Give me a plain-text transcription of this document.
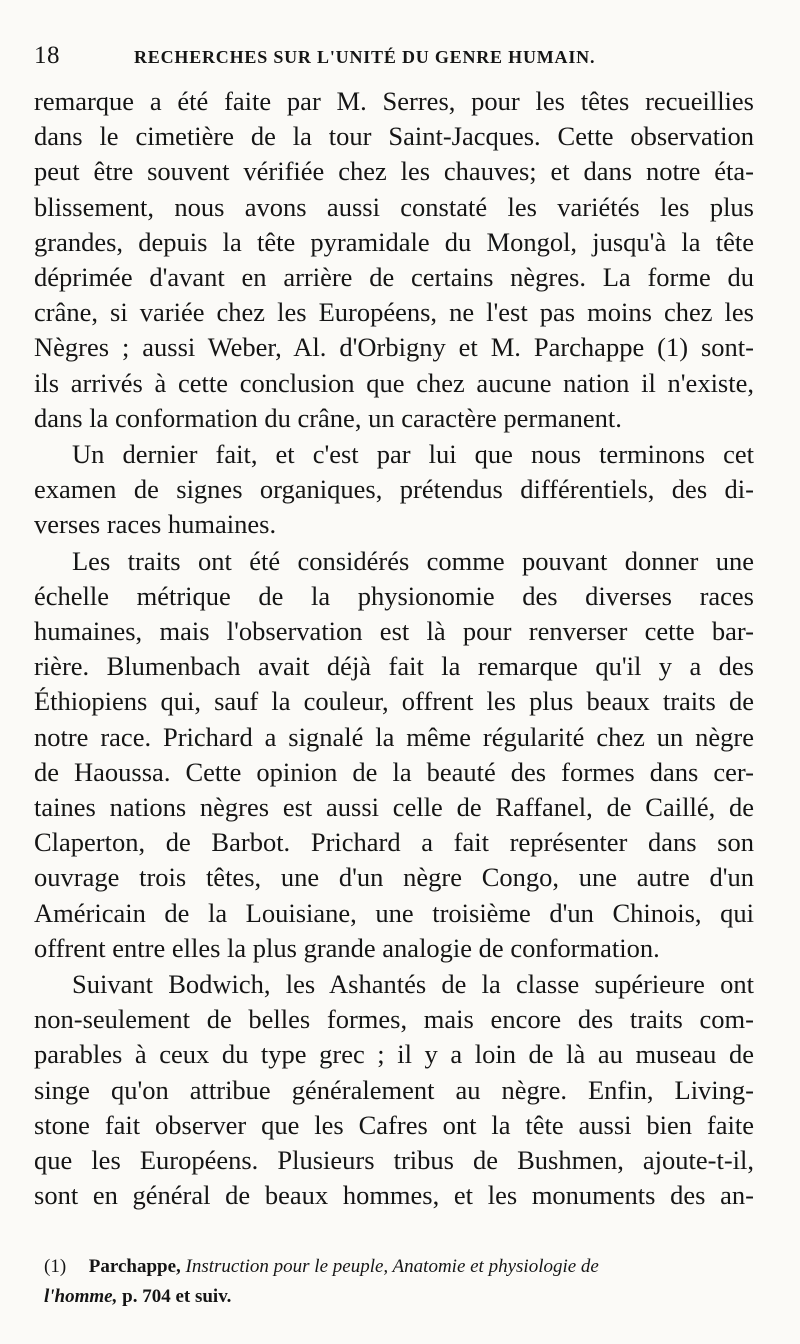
18	RECHERCHES SUR L'UNITÉ DU GENRE HUMAIN.

remarque a été faite par M. Serres, pour les têtes recueillies
dans le cimetière de la tour Saint-Jacques. Cette observation
peut être souvent vérifiée chez les chauves; et dans notre éta-
blissement, nous avons aussi constaté les variétés les plus
grandes, depuis la tête pyramidale du Mongol, jusqu'à la tête
déprimée d'avant en arrière de certains nègres. La forme du
crâne, si variée chez les Européens, ne l'est pas moins chez les
Nègres ; aussi Weber, Al. d'Orbigny et M. Parchappe (1) sont-
ils arrivés à cette conclusion que chez aucune nation il n'existe,
dans la conformation du crâne, un caractère permanent.

Un dernier fait, et c'est par lui que nous terminons cet
examen de signes organiques, prétendus différentiels, des di-
verses races humaines.

Les traits ont été considérés comme pouvant donner une
échelle métrique de la physionomie des diverses races
humaines, mais l'observation est là pour renverser cette bar-
rière. Blumenbach avait déjà fait la remarque qu'il y a des
Éthiopiens qui, sauf la couleur, offrent les plus beaux traits de
notre race. Prichard a signalé la même régularité chez un nègre
de Haoussa. Cette opinion de la beauté des formes dans cer-
taines nations nègres est aussi celle de Raffanel, de Caillé, de
Claperton, de Barbot. Prichard a fait représenter dans son
ouvrage trois têtes, une d'un nègre Congo, une autre d'un
Américain de la Louisiane, une troisième d'un Chinois, qui
offrent entre elles la plus grande analogie de conformation.

Suivant Bodwich, les Ashantés de la classe supérieure ont
non-seulement de belles formes, mais encore des traits com-
parables à ceux du type grec ; il y a loin de là au museau de
singe qu'on attribue généralement au nègre. Enfin, Living-
stone fait observer que les Cafres ont la tête aussi bien faite
que les Européens. Plusieurs tribus de Bushmen, ajoute-t-il,
sont en général de beaux hommes, et les monuments des an-

(1) Parchappe, Instruction pour le peuple, Anatomie et physiologie de
l'homme, p. 704 et suiv.
